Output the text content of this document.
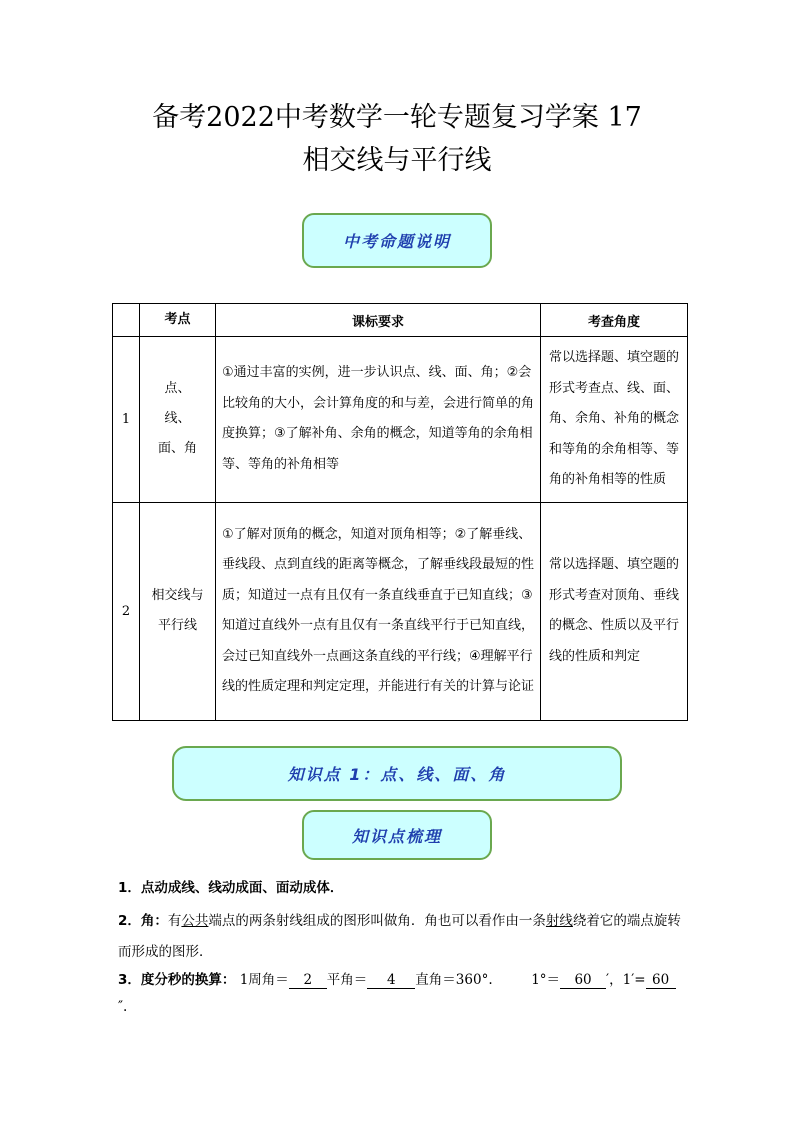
备考2022中考数学一轮专题复习学案 17
相交线与平行线
中考命题说明
	考点	课标要求	考查角度
1	点、线、面、角	①通过丰富的实例，进一步认识点、线、面、角；②会比较角的大小，会计算角度的和与差，会进行简单的角度换算；③了解补角、余角的概念，知道等角的余角相等、等角的补角相等	常以选择题、填空题的形式考查点、线、面、角、余角、补角的概念和等角的余角相等、等角的补角相等的性质
2	相交线与平行线	①了解对顶角的概念，知道对顶角相等；②了解垂线、垂线段、点到直线的距离等概念，了解垂线段最短的性质；知道过一点有且仅有一条直线垂直于已知直线；③知道过直线外一点有且仅有一条直线平行于已知直线，会过已知直线外一点画这条直线的平行线；④理解平行线的性质定理和判定定理，并能进行有关的计算与论证	常以选择题、填空题的形式考查对顶角、垂线的概念、性质以及平行线的性质和判定
知识点 1：点、线、面、角
知识点梳理
1．点动成线、线动成面、面动成体．
2．角：有公共端点的两条射线组成的图形叫做角．角也可以看作由一条射线绕着它的端点旋转而形成的图形．
3．度分秒的换算： 1周角＝ 2 平角＝ 4 直角＝360°.	1°＝ 60 ′，1′= 60
″.
